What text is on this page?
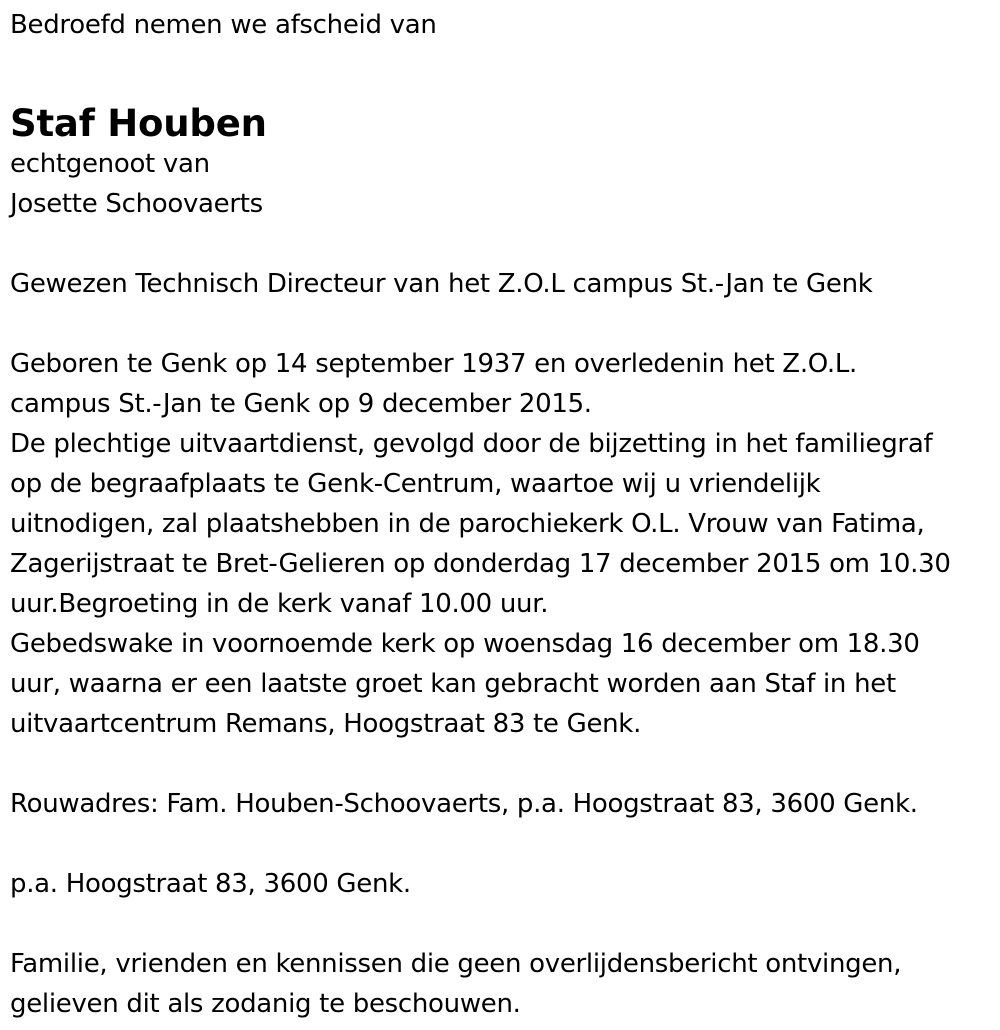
Bedroefd nemen we afscheid van
Staf Houben
echtgenoot van
Josette Schoovaerts
Gewezen Technisch Directeur van het Z.O.L campus St.-Jan te Genk
Geboren te Genk op 14 september 1937 en overledenin het Z.O.L.
campus St.-Jan te Genk op 9 december 2015.
De plechtige uitvaartdienst, gevolgd door de bijzetting in het familiegraf
op de begraafplaats te Genk-Centrum, waartoe wij u vriendelijk
uitnodigen, zal plaatshebben in de parochiekerk O.L. Vrouw van Fatima,
Zagerijstraat te Bret-Gelieren op donderdag 17 december 2015 om 10.30
uur.Begroeting in de kerk vanaf 10.00 uur.
Gebedswake in voornoemde kerk op woensdag 16 december om 18.30
uur, waarna er een laatste groet kan gebracht worden aan Staf in het
uitvaartcentrum Remans, Hoogstraat 83 te Genk.
Rouwadres: Fam. Houben-Schoovaerts, p.a. Hoogstraat 83, 3600 Genk.
p.a. Hoogstraat 83, 3600 Genk.
Familie, vrienden en kennissen die geen overlijdensbericht ontvingen,
gelieven dit als zodanig te beschouwen.
